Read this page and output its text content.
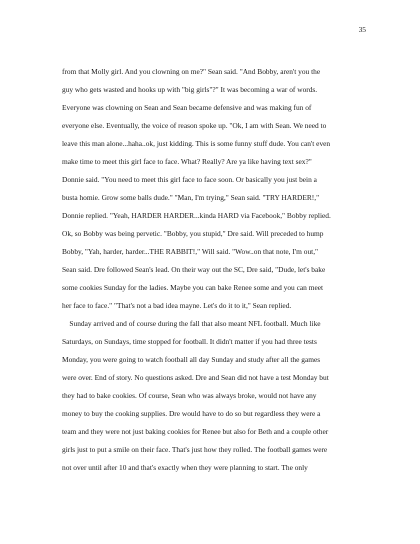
35
from that Molly girl. And you clowning on me?" Sean said. "And Bobby, aren't you the
guy who gets wasted and hooks up with "big girls"?" It was becoming a war of words.
Everyone was clowning on Sean and Sean became defensive and was making fun of
everyone else. Eventually, the voice of reason spoke up. "Ok, I am with Sean. We need to
leave this man alone...haha..ok, just kidding. This is some funny stuff dude. You can't even
make time to meet this girl face to face. What? Really? Are ya like having text sex?"
Donnie said. "You need to meet this girl face to face soon. Or basically you just bein a
busta homie. Grow some balls dude." "Man, I'm trying," Sean said. "TRY HARDER!,"
Donnie replied. "Yeah, HARDER HARDER...kinda HARD via Facebook," Bobby replied.
Ok, so Bobby was being pervetic. "Bobby, you stupid," Dre said. Will preceded to hump
Bobby, "Yah, harder, harder...THE RABBIT!," Will said. "Wow..on that note, I'm out,"
Sean said. Dre followed Sean's lead. On their way out the SC, Dre said, "Dude, let's bake
some cookies Sunday for the ladies. Maybe you can bake Renee some and you can meet
her face to face." "That's not a bad idea mayne. Let's do it to it," Sean replied.
Sunday arrived and of course during the fall that also meant NFL football. Much like
Saturdays, on Sundays, time stopped for football. It didn't matter if you had three tests
Monday, you were going to watch football all day Sunday and study after all the games
were over. End of story. No questions asked. Dre and Sean did not have a test Monday but
they had to bake cookies. Of course, Sean who was always broke, would not have any
money to buy the cooking supplies. Dre would have to do so but regardless they were a
team and they were not just baking cookies for Renee but also for Beth and a couple other
girls just to put a smile on their face. That's just how they rolled. The football games were
not over until after 10 and that's exactly when they were planning to start. The only
